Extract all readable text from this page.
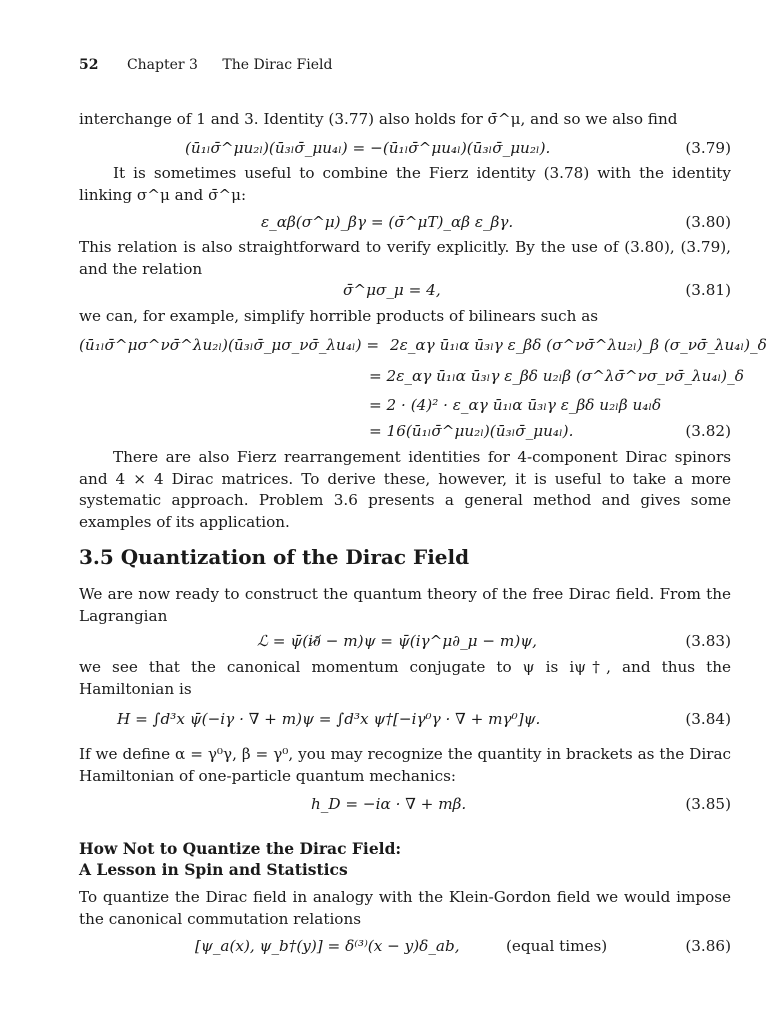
52 Chapter 3 The Dirac Field
interchange of 1 and 3. Identity (3.77) also holds for σ̄^μ, and so we also find
(ū₁ₗσ̄^μu₂ₗ)(ū₃ₗσ̄_μu₄ₗ) = −(ū₁ₗσ̄^μu₄ₗ)(ū₃ₗσ̄_μu₂ₗ).	(3.79)
It is sometimes useful to combine the Fierz identity (3.78) with the identity linking σ^μ and σ̄^μ:
ε_αβ(σ^μ)_βγ = (σ̄^μT)_αβ ε_βγ.	(3.80)
This relation is also straightforward to verify explicitly. By the use of (3.80), (3.79), and the relation
σ̄^μσ_μ = 4,	(3.81)
we can, for example, simplify horrible products of bilinears such as
(ū₁ₗσ̄^μσ^νσ̄^λu₂ₗ)(ū₃ₗσ̄_μσ_νσ̄_λu₄ₗ) = 2ε_αγ ū₁ₗα ū₃ₗγ ε_βδ (σ^νσ̄^λu₂ₗ)_β (σ_νσ̄_λu₄ₗ)_δ
= 2ε_αγ ū₁ₗα ū₃ₗγ ε_βδ u₂ₗβ (σ^λσ̄^νσ_νσ̄_λu₄ₗ)_δ
= 2 · (4)² · ε_αγ ū₁ₗα ū₃ₗγ ε_βδ u₂ₗβ u₄ₗδ
= 16(ū₁ₗσ̄^μu₂ₗ)(ū₃ₗσ̄_μu₄ₗ).	(3.82)
There are also Fierz rearrangement identities for 4-component Dirac spinors and 4 × 4 Dirac matrices. To derive these, however, it is useful to take a more systematic approach. Problem 3.6 presents a general method and gives some examples of its application.
3.5 Quantization of the Dirac Field
We are now ready to construct the quantum theory of the free Dirac field. From the Lagrangian
ℒ = ψ̄(i∂̸ − m)ψ = ψ̄(iγ^μ∂_μ − m)ψ,	(3.83)
we see that the canonical momentum conjugate to ψ is iψ†, and thus the Hamiltonian is
H = ∫d³x ψ̄(−iγ · ∇ + m)ψ = ∫d³x ψ†[−iγ⁰γ · ∇ + mγ⁰]ψ.	(3.84)
If we define α = γ⁰γ, β = γ⁰, you may recognize the quantity in brackets as the Dirac Hamiltonian of one-particle quantum mechanics:
h_D = −iα · ∇ + mβ.	(3.85)
How Not to Quantize the Dirac Field:
A Lesson in Spin and Statistics
To quantize the Dirac field in analogy with the Klein-Gordon field we would impose the canonical commutation relations
[ψ_a(x), ψ_b†(y)] = δ⁽³⁾(x − y)δ_ab,	(equal times)	(3.86)
